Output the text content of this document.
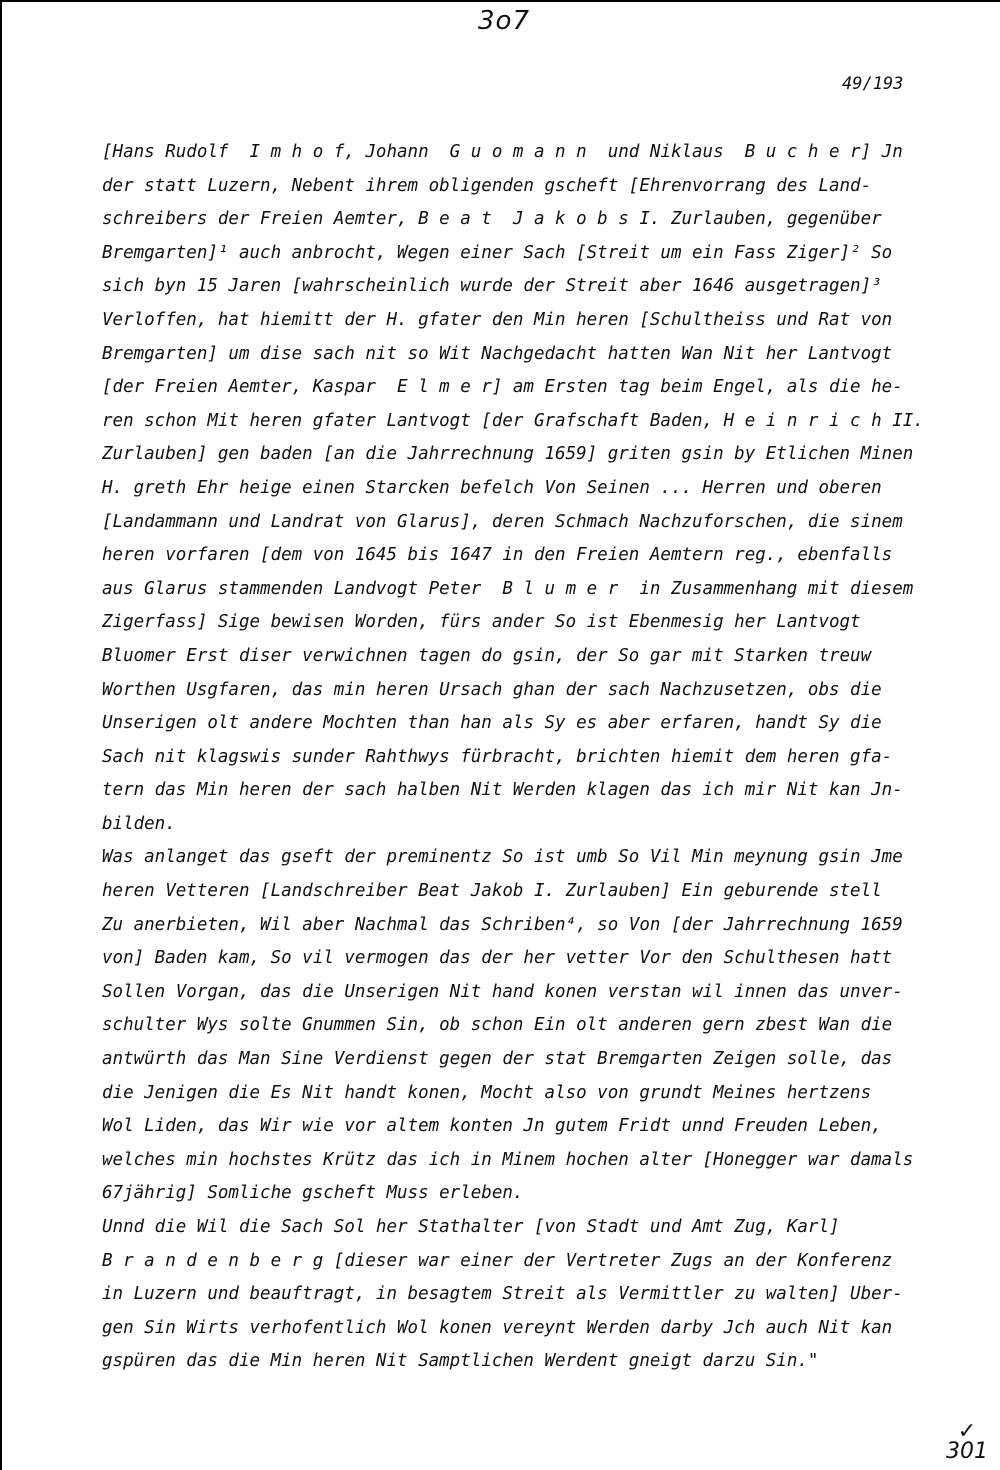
3o7
49/193
[Hans Rudolf  I m h o f, Johann  G u o m a n n  und Niklaus  B u c h e r] Jn
der statt Luzern, Nebent ihrem obligenden gscheft [Ehrenvorrang des Land-
schreibers der Freien Aemter, B e a t  J a k o b s I. Zurlauben, gegenüber
Bremgarten]¹ auch anbrocht, Wegen einer Sach [Streit um ein Fass Ziger]² So
sich byn 15 Jaren [wahrscheinlich wurde der Streit aber 1646 ausgetragen]³
Verloffen, hat hiemitt der H. gfater den Min heren [Schultheiss und Rat von
Bremgarten] um dise sach nit so Wit Nachgedacht hatten Wan Nit her Lantvogt
[der Freien Aemter, Kaspar  E l m e r] am Ersten tag beim Engel, als die he-
ren schon Mit heren gfater Lantvogt [der Grafschaft Baden, H e i n r i c h II.
Zurlauben] gen baden [an die Jahrrechnung 1659] griten gsin by Etlichen Minen
H. greth Ehr heige einen Starcken befelch Von Seinen ... Herren und oberen
[Landammann und Landrat von Glarus], deren Schmach Nachzuforschen, die sinem
heren vorfaren [dem von 1645 bis 1647 in den Freien Aemtern reg., ebenfalls
aus Glarus stammenden Landvogt Peter  B l u m e r  in Zusammenhang mit diesem
Zigerfass] Sige bewisen Worden, fürs ander So ist Ebenmesig her Lantvogt
Bluomer Erst diser verwichnen tagen do gsin, der So gar mit Starken treuw
Worthen Usgfaren, das min heren Ursach ghan der sach Nachzusetzen, obs die
Unserigen olt andere Mochten than han als Sy es aber erfaren, handt Sy die
Sach nit klagswis sunder Rahthwys fürbracht, brichten hiemit dem heren gfa-
tern das Min heren der sach halben Nit Werden klagen das ich mir Nit kan Jn-
bilden.
Was anlanget das gseft der preminentz So ist umb So Vil Min meynung gsin Jme
heren Vetteren [Landschreiber Beat Jakob I. Zurlauben] Ein geburende stell
Zu anerbieten, Wil aber Nachmal das Schriben⁴, so Von [der Jahrrechnung 1659
von] Baden kam, So vil vermogen das der her vetter Vor den Schulthesen hatt
Sollen Vorgan, das die Unserigen Nit hand konen verstan wil innen das unver-
schulter Wys solte Gnummen Sin, ob schon Ein olt anderen gern zbest Wan die
antwürth das Man Sine Verdienst gegen der stat Bremgarten Zeigen solle, das
die Jenigen die Es Nit handt konen, Mocht also von grundt Meines hertzens
Wol Liden, das Wir wie vor altem konten Jn gutem Fridt unnd Freuden Leben,
welches min hochstes Krütz das ich in Minem hochen alter [Honegger war damals
67jährig] Somliche gscheft Muss erleben.
Unnd die Wil die Sach Sol her Stathalter [von Stadt und Amt Zug, Karl]
B r a n d e n b e r g [dieser war einer der Vertreter Zugs an der Konferenz
in Luzern und beauftragt, in besagtem Streit als Vermittler zu walten] Uber-
gen Sin Wirts verhofentlich Wol konen vereynt Werden darby Jch auch Nit kan
gspüren das die Min heren Nit Samptlichen Werdent gneigt darzu Sin."
✓
301
